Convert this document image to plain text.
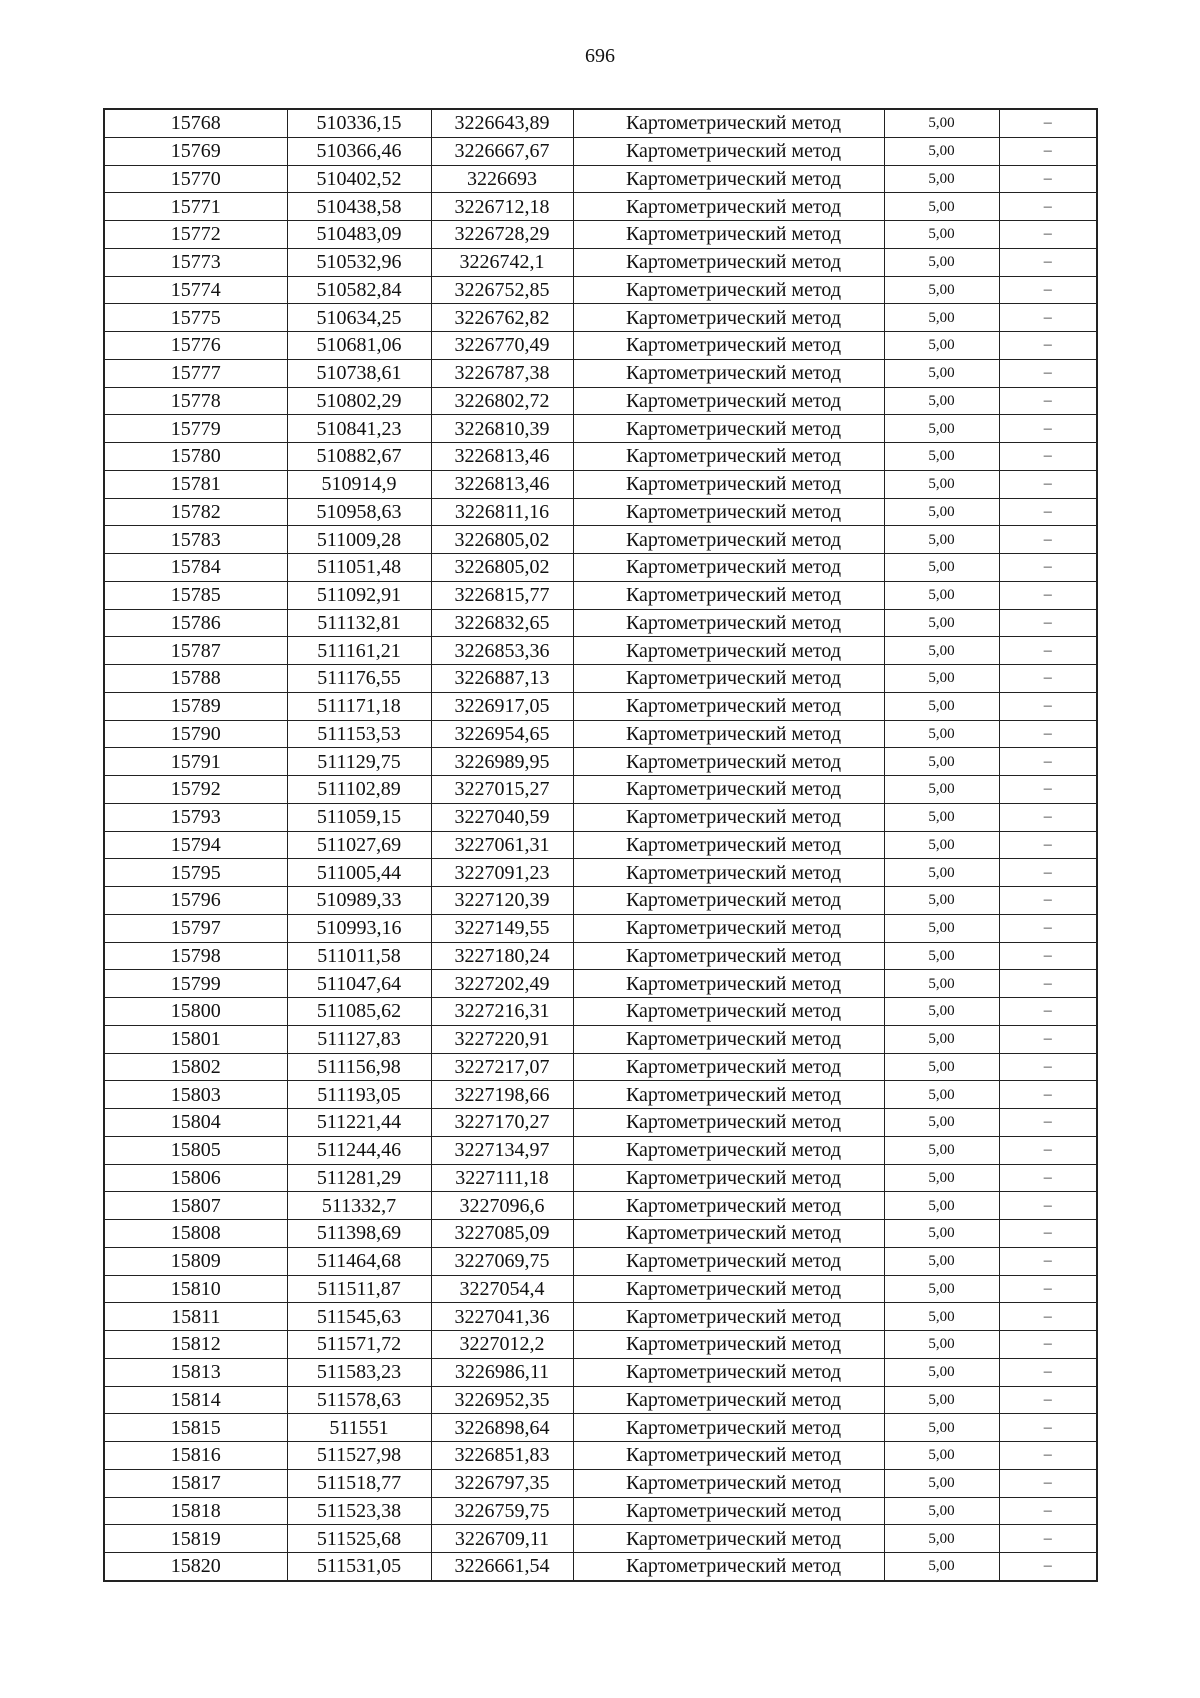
696
15768	510336,15	3226643,89	Картометрический метод	5,00	–
15769	510366,46	3226667,67	Картометрический метод	5,00	–
15770	510402,52	3226693	Картометрический метод	5,00	–
15771	510438,58	3226712,18	Картометрический метод	5,00	–
15772	510483,09	3226728,29	Картометрический метод	5,00	–
15773	510532,96	3226742,1	Картометрический метод	5,00	–
15774	510582,84	3226752,85	Картометрический метод	5,00	–
15775	510634,25	3226762,82	Картометрический метод	5,00	–
15776	510681,06	3226770,49	Картометрический метод	5,00	–
15777	510738,61	3226787,38	Картометрический метод	5,00	–
15778	510802,29	3226802,72	Картометрический метод	5,00	–
15779	510841,23	3226810,39	Картометрический метод	5,00	–
15780	510882,67	3226813,46	Картометрический метод	5,00	–
15781	510914,9	3226813,46	Картометрический метод	5,00	–
15782	510958,63	3226811,16	Картометрический метод	5,00	–
15783	511009,28	3226805,02	Картометрический метод	5,00	–
15784	511051,48	3226805,02	Картометрический метод	5,00	–
15785	511092,91	3226815,77	Картометрический метод	5,00	–
15786	511132,81	3226832,65	Картометрический метод	5,00	–
15787	511161,21	3226853,36	Картометрический метод	5,00	–
15788	511176,55	3226887,13	Картометрический метод	5,00	–
15789	511171,18	3226917,05	Картометрический метод	5,00	–
15790	511153,53	3226954,65	Картометрический метод	5,00	–
15791	511129,75	3226989,95	Картометрический метод	5,00	–
15792	511102,89	3227015,27	Картометрический метод	5,00	–
15793	511059,15	3227040,59	Картометрический метод	5,00	–
15794	511027,69	3227061,31	Картометрический метод	5,00	–
15795	511005,44	3227091,23	Картометрический метод	5,00	–
15796	510989,33	3227120,39	Картометрический метод	5,00	–
15797	510993,16	3227149,55	Картометрический метод	5,00	–
15798	511011,58	3227180,24	Картометрический метод	5,00	–
15799	511047,64	3227202,49	Картометрический метод	5,00	–
15800	511085,62	3227216,31	Картометрический метод	5,00	–
15801	511127,83	3227220,91	Картометрический метод	5,00	–
15802	511156,98	3227217,07	Картометрический метод	5,00	–
15803	511193,05	3227198,66	Картометрический метод	5,00	–
15804	511221,44	3227170,27	Картометрический метод	5,00	–
15805	511244,46	3227134,97	Картометрический метод	5,00	–
15806	511281,29	3227111,18	Картометрический метод	5,00	–
15807	511332,7	3227096,6	Картометрический метод	5,00	–
15808	511398,69	3227085,09	Картометрический метод	5,00	–
15809	511464,68	3227069,75	Картометрический метод	5,00	–
15810	511511,87	3227054,4	Картометрический метод	5,00	–
15811	511545,63	3227041,36	Картометрический метод	5,00	–
15812	511571,72	3227012,2	Картометрический метод	5,00	–
15813	511583,23	3226986,11	Картометрический метод	5,00	–
15814	511578,63	3226952,35	Картометрический метод	5,00	–
15815	511551	3226898,64	Картометрический метод	5,00	–
15816	511527,98	3226851,83	Картометрический метод	5,00	–
15817	511518,77	3226797,35	Картометрический метод	5,00	–
15818	511523,38	3226759,75	Картометрический метод	5,00	–
15819	511525,68	3226709,11	Картометрический метод	5,00	–
15820	511531,05	3226661,54	Картометрический метод	5,00	–
